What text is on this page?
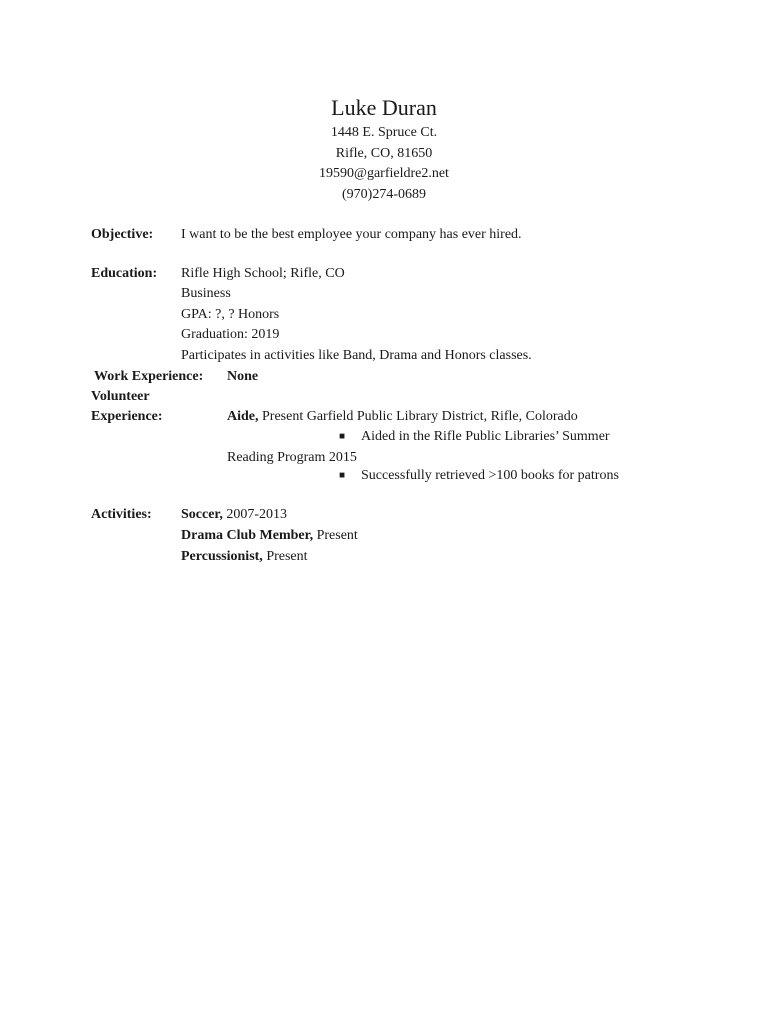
Luke Duran
1448 E. Spruce Ct.
Rifle, CO, 81650
19590@garfieldre2.net
(970)274-0689
Objective: I want to be the best employee your company has ever hired.
Education: Rifle High School; Rifle, CO
Business
GPA: ?, ? Honors
Graduation: 2019
Participates in activities like Band, Drama and Honors classes.
Work Experience: None
Volunteer
Experience:	Aide, Present Garfield Public Library District, Rifle, Colorado
■ Aided in the Rifle Public Libraries’ Summer
Reading Program 2015
■ Successfully retrieved >100 books for patrons
Activities: Soccer, 2007-2013
Drama Club Member, Present
Percussionist, Present
